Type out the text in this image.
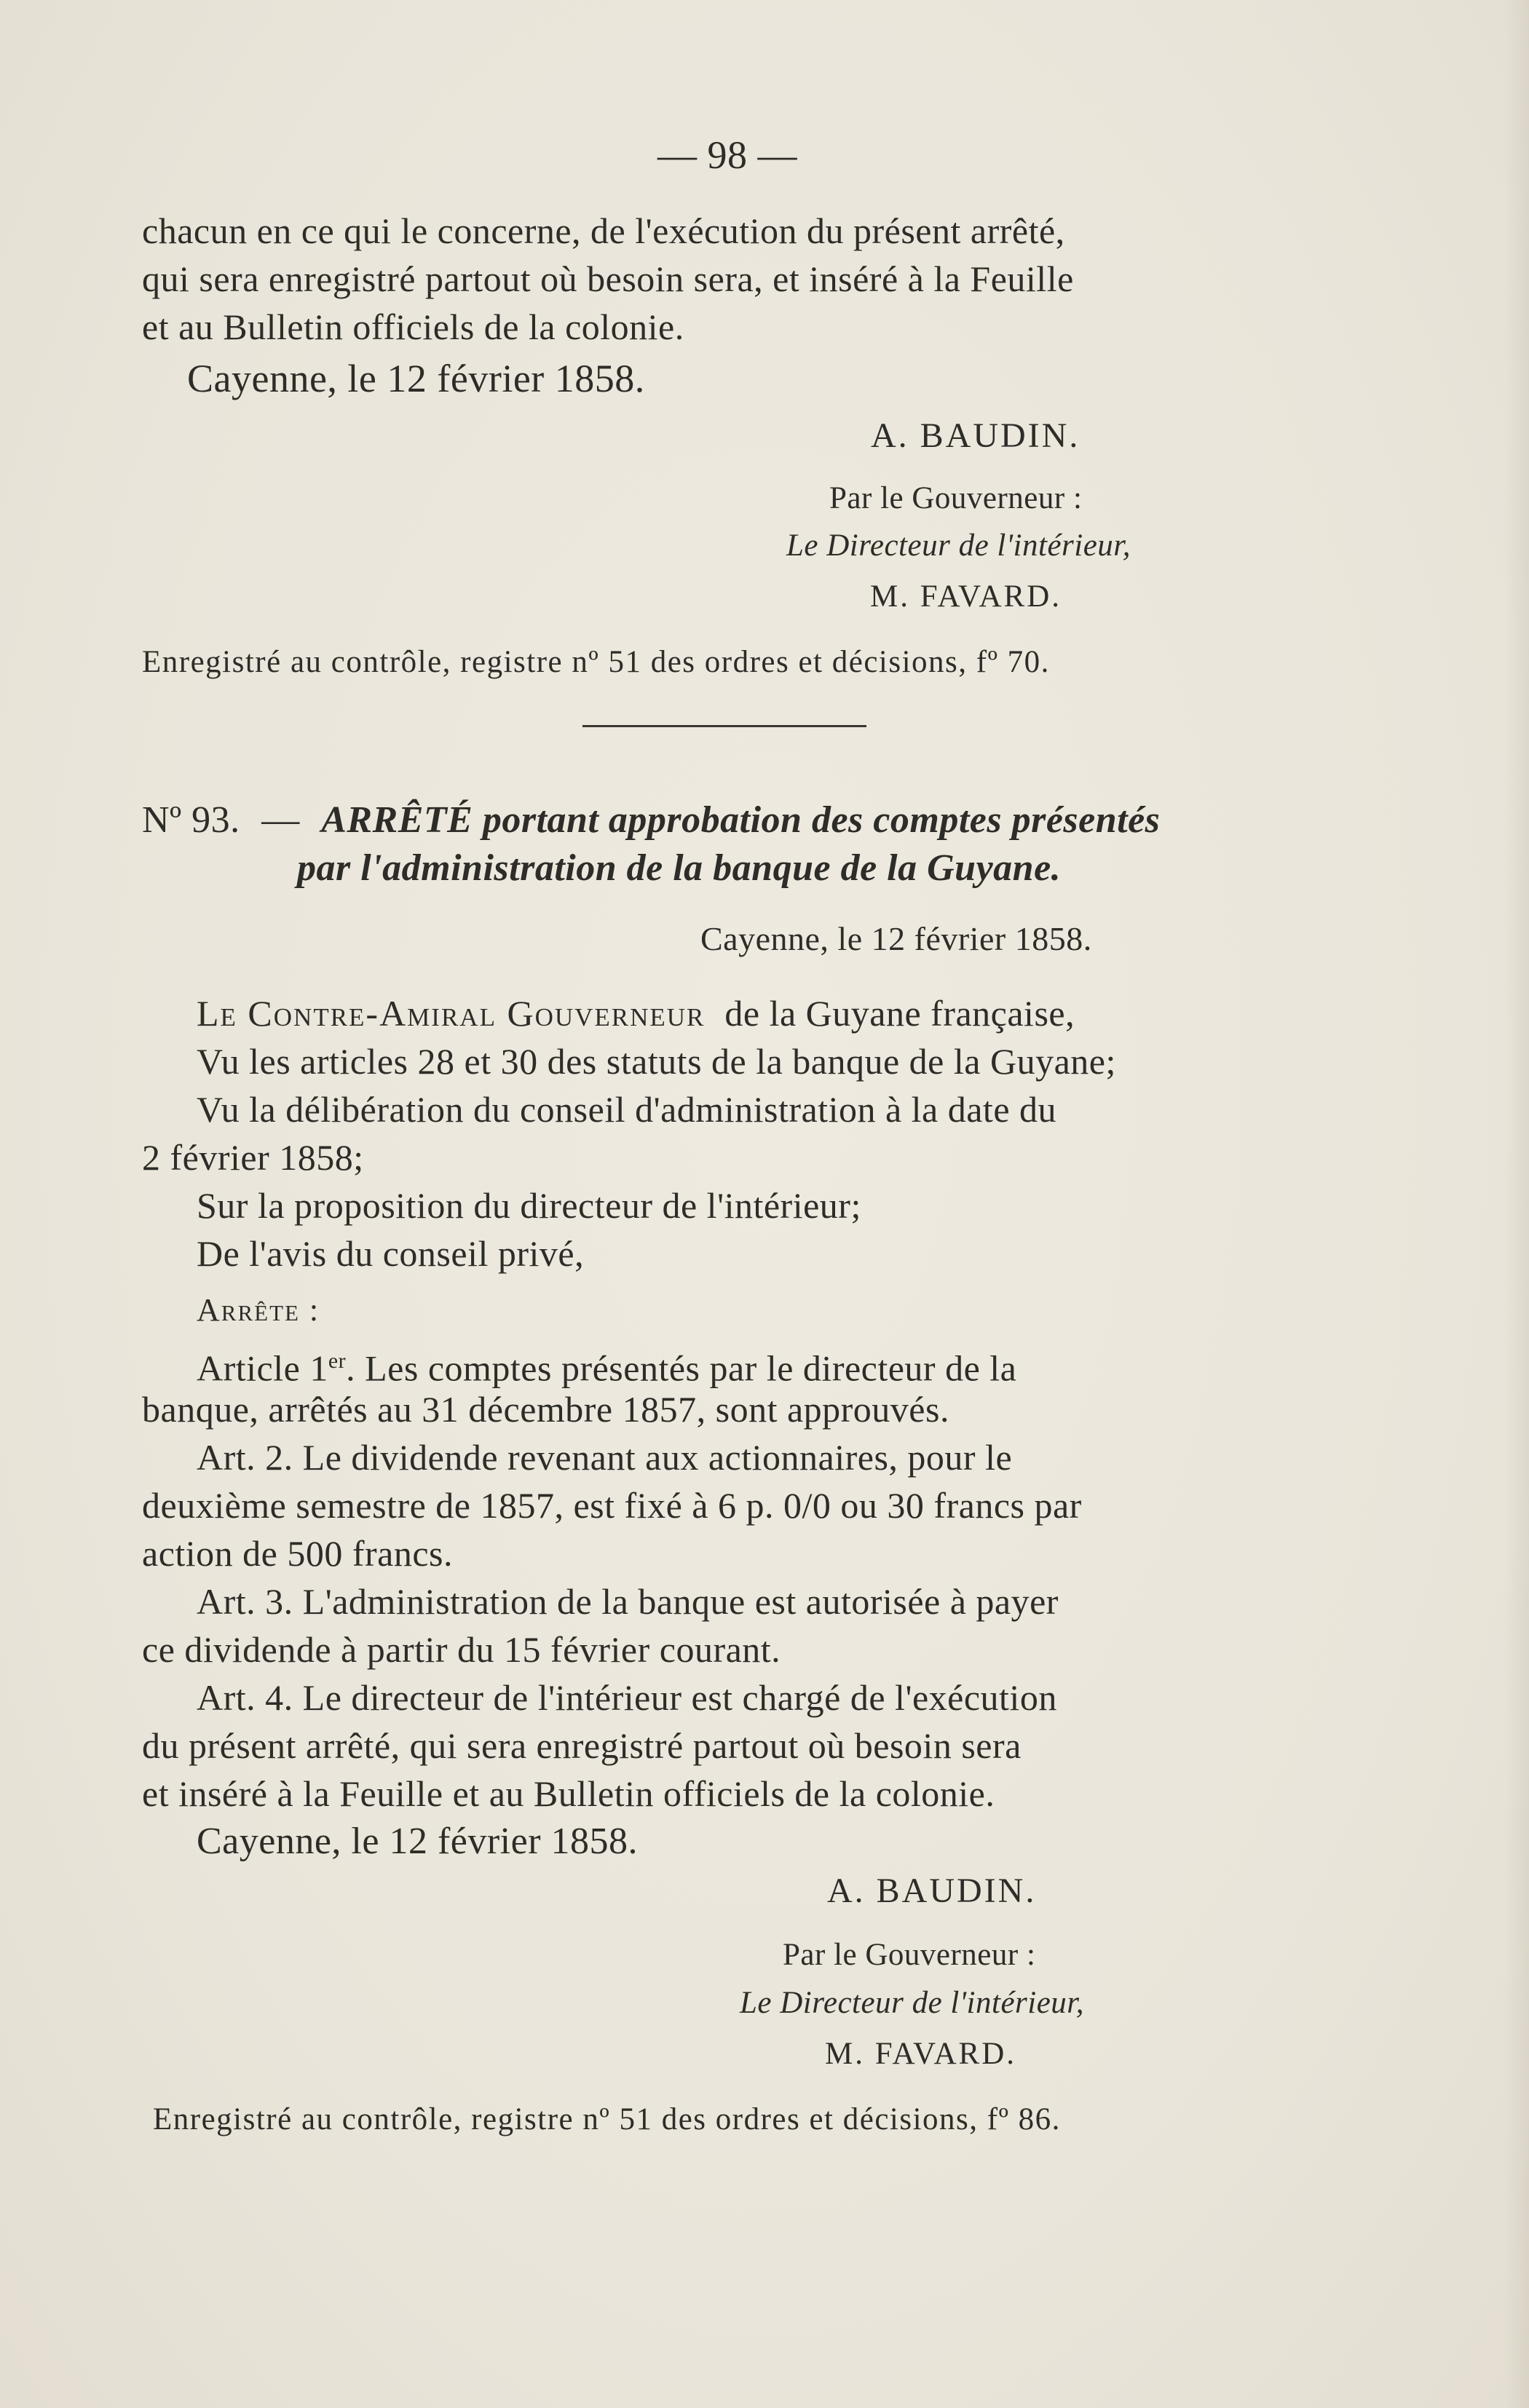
— 98 —
chacun en ce qui le concerne, de l'exécution du présent arrêté,
qui sera enregistré partout où besoin sera, et inséré à la Feuille
et au Bulletin officiels de la colonie.
Cayenne, le 12 février 1858.
A. BAUDIN.
Par le Gouverneur :
Le Directeur de l'intérieur,
M. FAVARD.
Enregistré au contrôle, registre nº 51 des ordres et décisions, fº 70.
Nº 93. — ARRÊTÉ portant approbation des comptes présentés
par l'administration de la banque de la Guyane.
Cayenne, le 12 février 1858.
Le Contre-Amiral Gouverneur de la Guyane française,
Vu les articles 28 et 30 des statuts de la banque de la Guyane;
Vu la délibération du conseil d'administration à la date du
2 février 1858;
Sur la proposition du directeur de l'intérieur;
De l'avis du conseil privé,
Arrête :
Article 1er. Les comptes présentés par le directeur de la
banque, arrêtés au 31 décembre 1857, sont approuvés.
Art. 2. Le dividende revenant aux actionnaires, pour le
deuxième semestre de 1857, est fixé à 6 p. 0/0 ou 30 francs par
action de 500 francs.
Art. 3. L'administration de la banque est autorisée à payer
ce dividende à partir du 15 février courant.
Art. 4. Le directeur de l'intérieur est chargé de l'exécution
du présent arrêté, qui sera enregistré partout où besoin sera
et inséré à la Feuille et au Bulletin officiels de la colonie.
Cayenne, le 12 février 1858.
A. BAUDIN.
Par le Gouverneur :
Le Directeur de l'intérieur,
M. FAVARD.
Enregistré au contrôle, registre nº 51 des ordres et décisions, fº 86.
